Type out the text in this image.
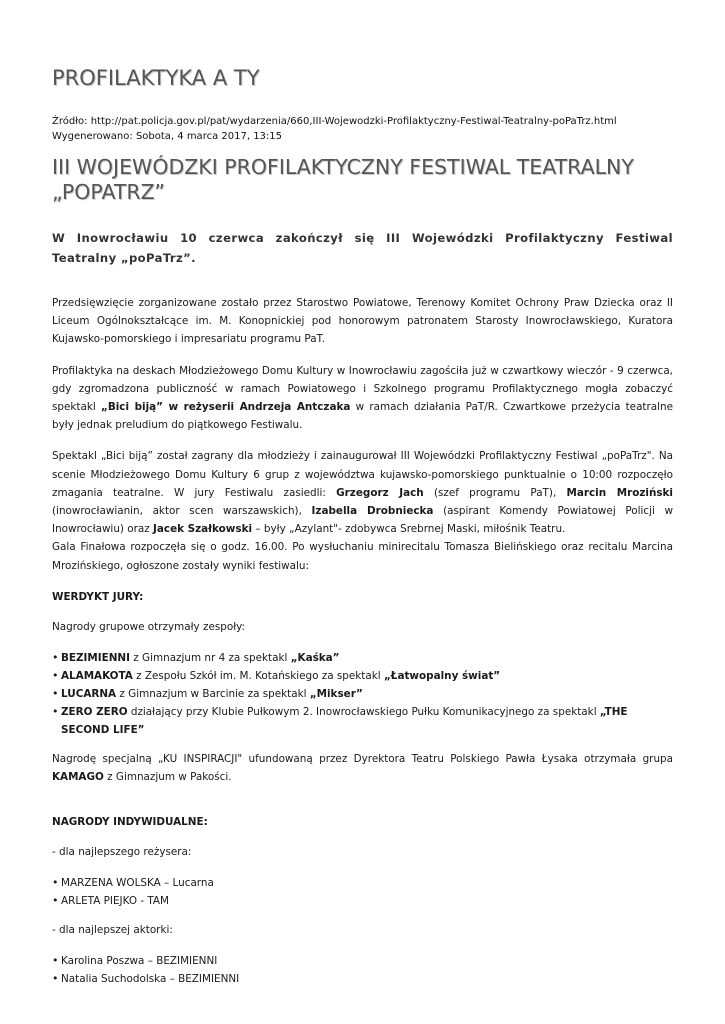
PROFILAKTYKA A TY
Źródło: http://pat.policja.gov.pl/pat/wydarzenia/660,III-Wojewodzki-Profilaktyczny-Festiwal-Teatralny-poPaTrz.html
Wygenerowano: Sobota, 4 marca 2017, 13:15
III WOJEWÓDZKI PROFILAKTYCZNY FESTIWAL TEATRALNY „POPATRZ”

W Inowrocławiu 10 czerwca zakończył się III Wojewódzki Profilaktyczny Festiwal Teatralny „poPaTrz”.

Przedsięwzięcie zorganizowane zostało przez Starostwo Powiatowe, Terenowy Komitet Ochrony Praw Dziecka oraz II Liceum Ogólnokształcące im. M. Konopnickiej pod honorowym patronatem Starosty Inowrocławskiego, Kuratora Kujawsko-pomorskiego i impresariatu programu PaT.

Profilaktyka na deskach Młodzieżowego Domu Kultury w Inowrocławiu zagościła już w czwartkowy wieczór - 9 czerwca, gdy zgromadzona publiczność w ramach Powiatowego i Szkolnego programu Profilaktycznego mogła zobaczyć spektakl „Bici biją” w reżyserii Andrzeja Antczaka w ramach działania PaT/R. Czwartkowe przeżycia teatralne były jednak preludium do piątkowego Festiwalu.

Spektakl „Bici biją” został zagrany dla młodzieży i zainaugurował III Wojewódzki Profilaktyczny Festiwal „poPaTrz". Na scenie Młodzieżowego Domu Kultury 6 grup z województwa kujawsko-pomorskiego punktualnie o 10:00 rozpoczęło zmagania teatralne. W jury Festiwalu zasiedli: Grzegorz Jach (szef programu PaT), Marcin Mroziński (inowrocławianin, aktor scen warszawskich), Izabella Drobniecka (aspirant Komendy Powiatowej Policji w Inowrocławiu) oraz Jacek Szałkowski – były „Azylant"- zdobywca Srebrnej Maski, miłośnik Teatru.
Gala Finałowa rozpoczęła się o godz. 16.00. Po wysłuchaniu minirecitalu Tomasza Bielińskiego oraz recitalu Marcina Mrozińskiego, ogłoszone zostały wyniki festiwalu:

WERDYKT JURY:

Nagrody grupowe otrzymały zespoły:

• BEZIMIENNI z Gimnazjum nr 4 za spektakl „Kaśka”
• ALAMAKOTA z Zespołu Szkół im. M. Kotańskiego za spektakl „Łatwopalny świat”
• LUCARNA z Gimnazjum w Barcinie za spektakl „Mikser”
• ZERO ZERO działający przy Klubie Pułkowym 2. Inowrocławskiego Pułku Komunikacyjnego za spektakl „THE SECOND LIFE”

Nagrodę specjalną „KU INSPIRACJI" ufundowaną przez Dyrektora Teatru Polskiego Pawła Łysaka otrzymała grupa KAMAGO z Gimnazjum w Pakości.

NAGRODY INDYWIDUALNE:

- dla najlepszego reżysera:

• MARZENA WOLSKA – Lucarna
• ARLETA PIEJKO - TAM

- dla najlepszej aktorki:

• Karolina Poszwa – BEZIMIENNI
• Natalia Suchodolska – BEZIMIENNI
